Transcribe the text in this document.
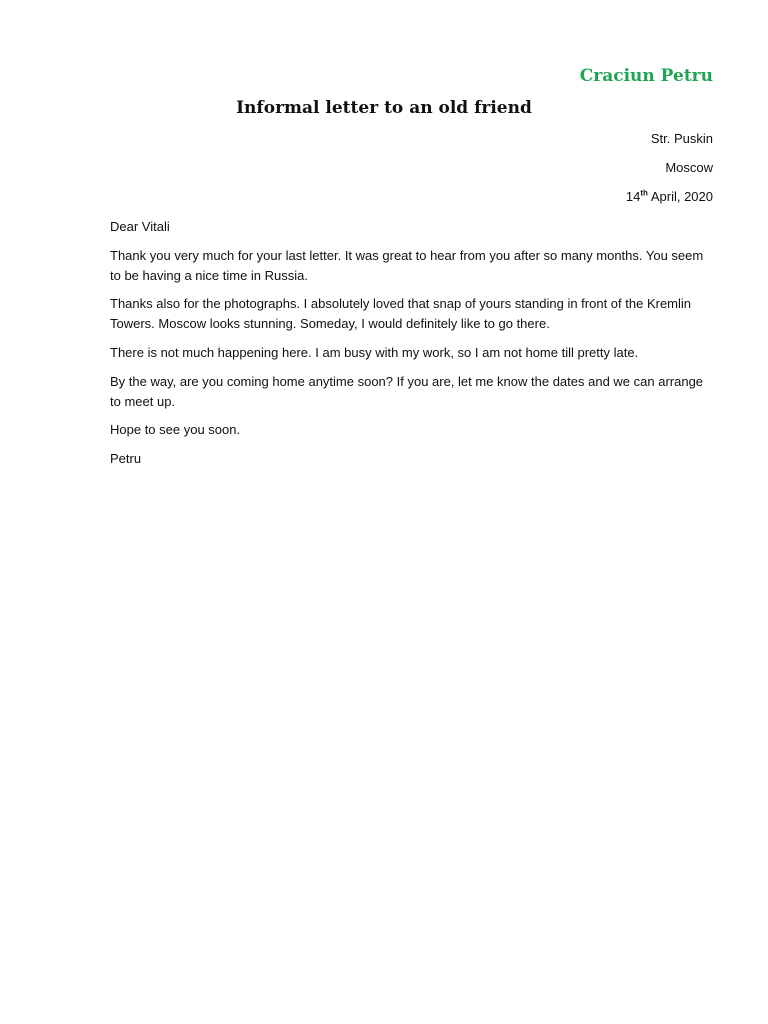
Craciun Petru
Informal letter to an old friend
Str. Puskin
Moscow
14th April, 2020

Dear Vitali

Thank you very much for your last letter. It was great to hear from you after so many months. You seem to be having a nice time in Russia.

Thanks also for the photographs. I absolutely loved that snap of yours standing in front of the Kremlin Towers. Moscow looks stunning. Someday, I would definitely like to go there.

There is not much happening here. I am busy with my work, so I am not home till pretty late.

By the way, are you coming home anytime soon? If you are, let me know the dates and we can arrange to meet up.

Hope to see you soon.

Petru
